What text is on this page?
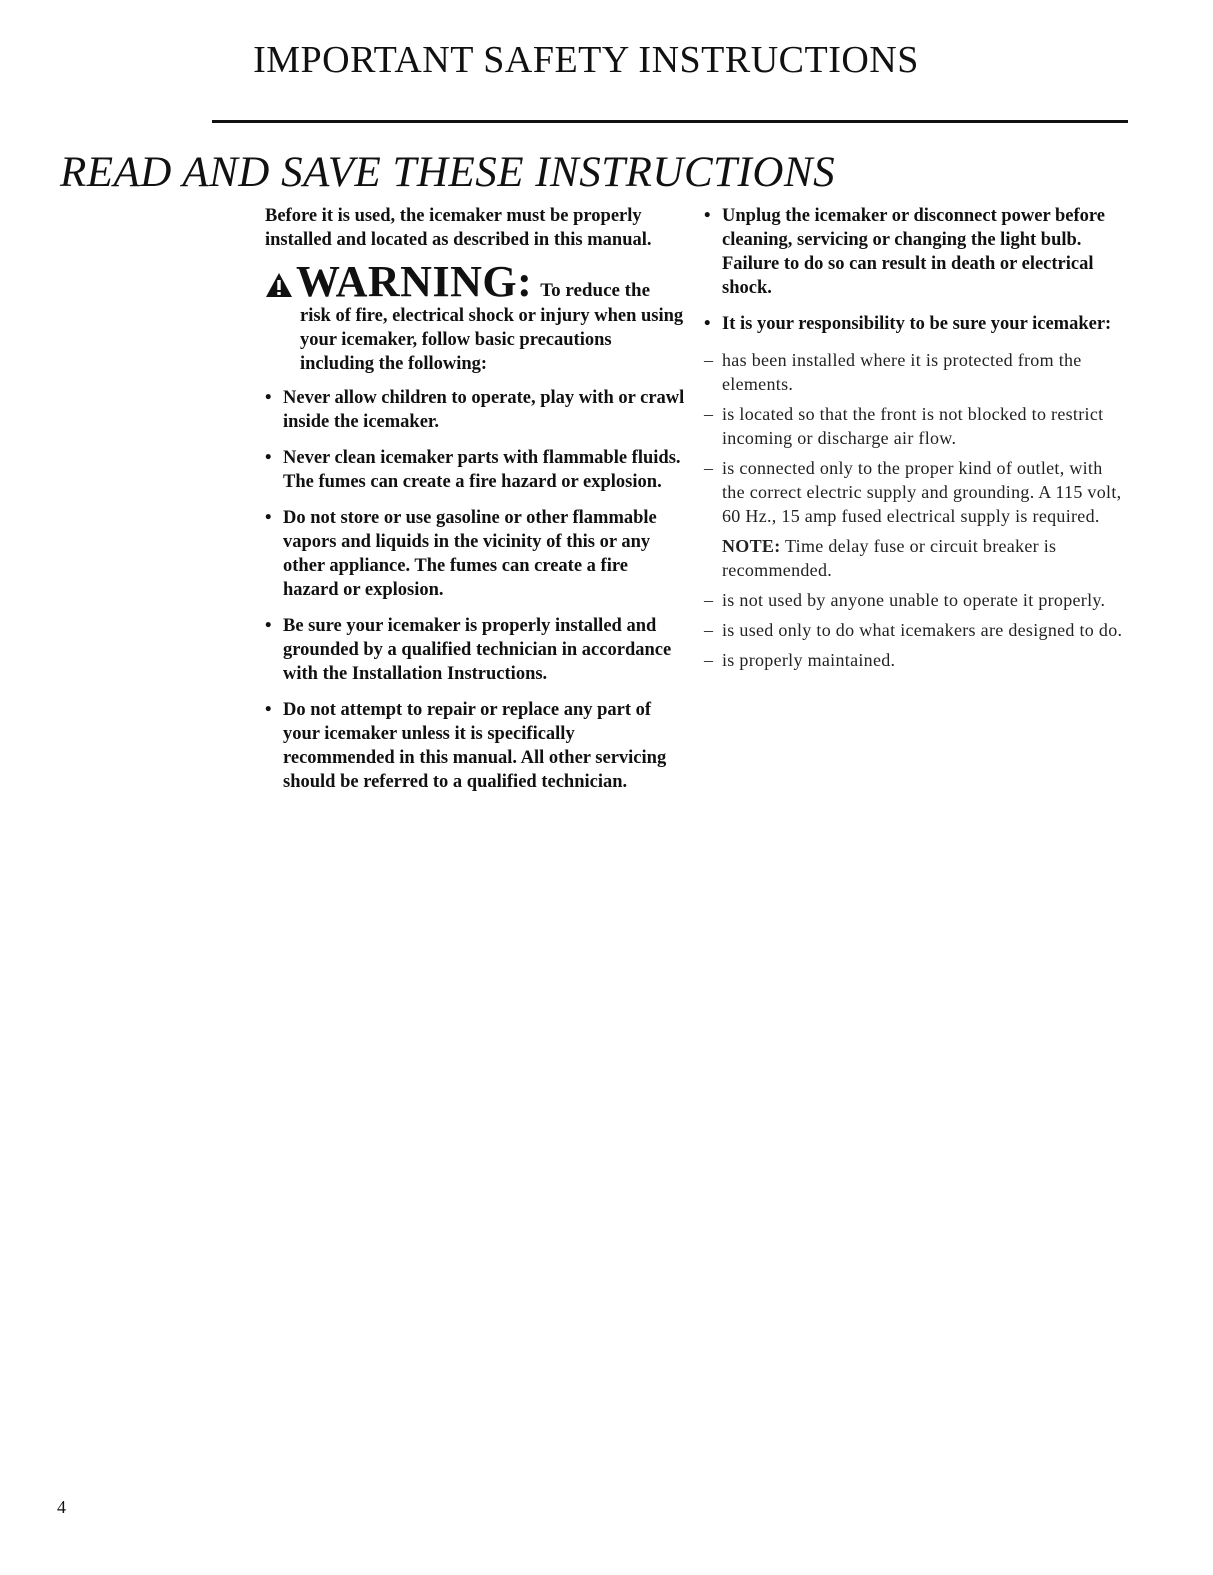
IMPORTANT SAFETY INSTRUCTIONS
READ AND SAVE THESE INSTRUCTIONS

Before it is used, the icemaker must be properly installed and located as described in this manual.

WARNING: To reduce the

risk of fire, electrical shock or injury when using your icemaker, follow basic precautions including the following:

• Never allow children to operate, play with or crawl inside the icemaker.
• Never clean icemaker parts with flammable fluids. The fumes can create a fire hazard or explosion.
• Do not store or use gasoline or other flammable vapors and liquids in the vicinity of this or any other appliance. The fumes can create a fire hazard or explosion.
• Be sure your icemaker is properly installed and grounded by a qualified technician in accordance with the Installation Instructions.
• Do not attempt to repair or replace any part of your icemaker unless it is specifically recommended in this manual. All other servicing should be referred to a qualified technician.
• Unplug the icemaker or disconnect power before cleaning, servicing or changing the light bulb. Failure to do so can result in death or electrical shock.
• It is your responsibility to be sure your icemaker:
– has been installed where it is protected from the elements.
– is located so that the front is not blocked to restrict incoming or discharge air flow.
– is connected only to the proper kind of outlet, with the correct electric supply and grounding. A 115 volt, 60 Hz., 15 amp fused electrical supply is required.

NOTE: Time delay fuse or circuit breaker is recommended.

– is not used by anyone unable to operate it properly.
– is used only to do what icemakers are designed to do.
– is properly maintained.
4
